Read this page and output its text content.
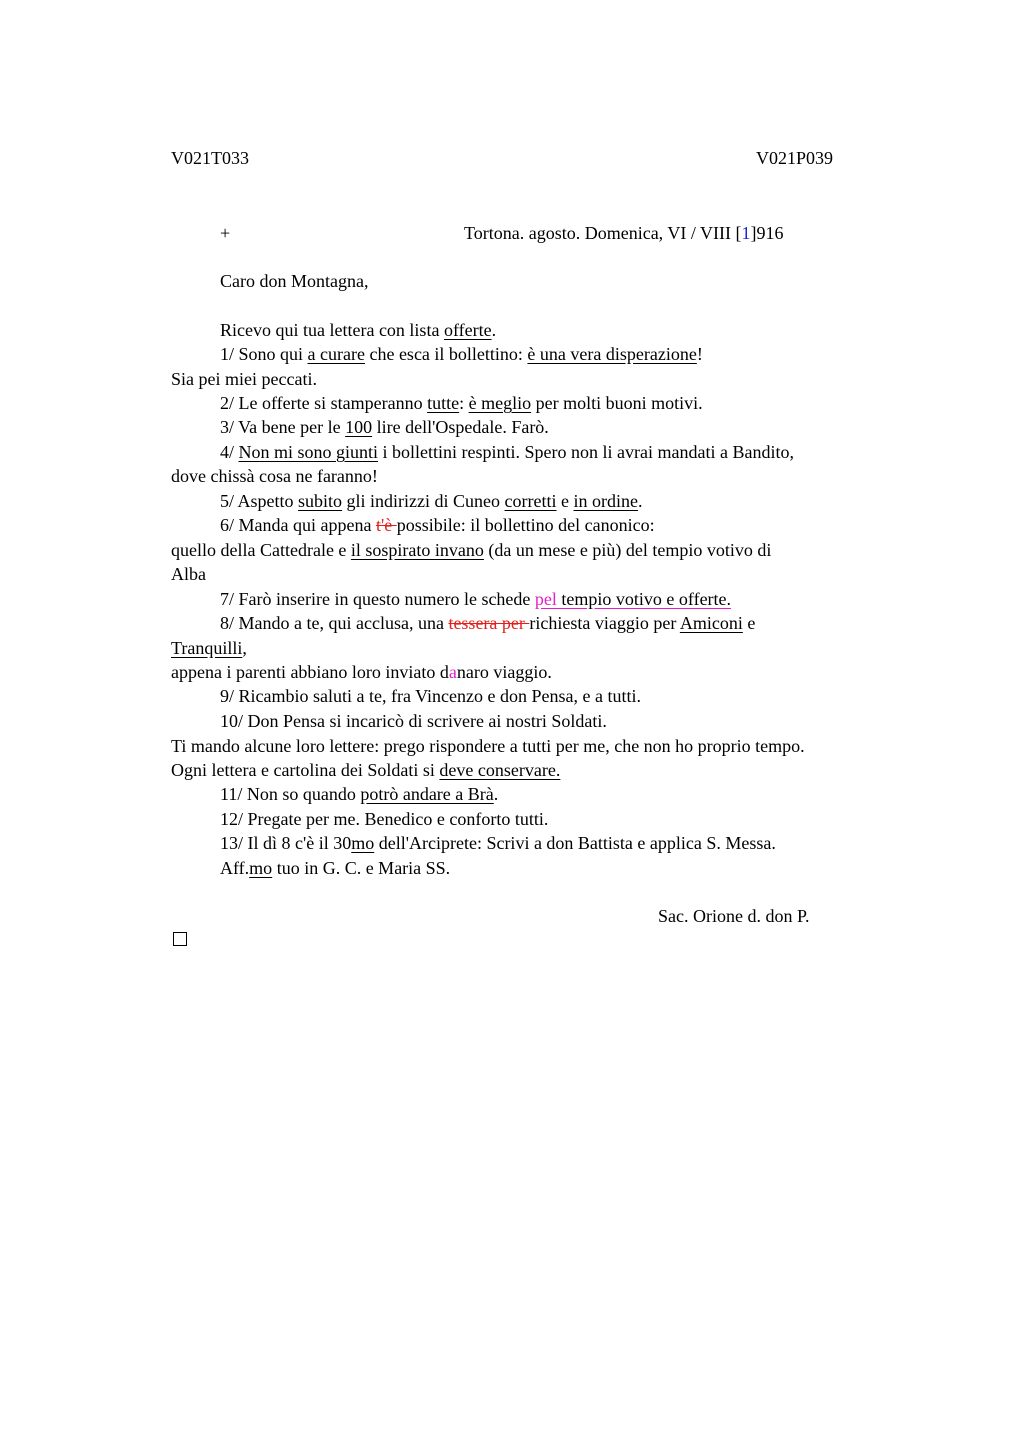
V021T033	V021P039
+	Tortona. agosto. Domenica, VI / VIII [1]916
Caro don Montagna,
Ricevo qui tua lettera con lista offerte.
1/ Sono qui a curare che esca il bollettino: è una vera disperazione!
Sia pei miei peccati.
2/ Le offerte si stamperanno tutte: è meglio per molti buoni motivi.
3/ Va bene per le 100 lire dell'Ospedale. Farò.
4/ Non mi sono giunti i bollettini respinti. Spero non li avrai mandati a Bandito,
dove chissà cosa ne faranno!
5/ Aspetto subito gli indirizzi di Cuneo corretti e in ordine.
6/ Manda qui appena t'è possibile: il bollettino del canonico:
quello della Cattedrale e il sospirato invano (da un mese e più) del tempio votivo di
Alba
7/ Farò inserire in questo numero le schede pel tempio votivo e offerte.
8/ Mando a te, qui acclusa, una tessera per richiesta viaggio per Amiconi e
Tranquilli,
appena i parenti abbiano loro inviato danaro viaggio.
9/ Ricambio saluti a te, fra Vincenzo e don Pensa, e a tutti.
10/ Don Pensa si incaricò di scrivere ai nostri Soldati.
Ti mando alcune loro lettere: prego rispondere a tutti per me, che non ho proprio tempo.
Ogni lettera e cartolina dei Soldati si deve conservare.
11/ Non so quando potrò andare a Brà.
12/ Pregate per me. Benedico e conforto tutti.
13/ Il dì 8 c'è il 30mo dell'Arciprete: Scrivi a don Battista e applica S. Messa.
Aff.mo tuo in G. C. e Maria SS.
Sac. Orione d. don P.
